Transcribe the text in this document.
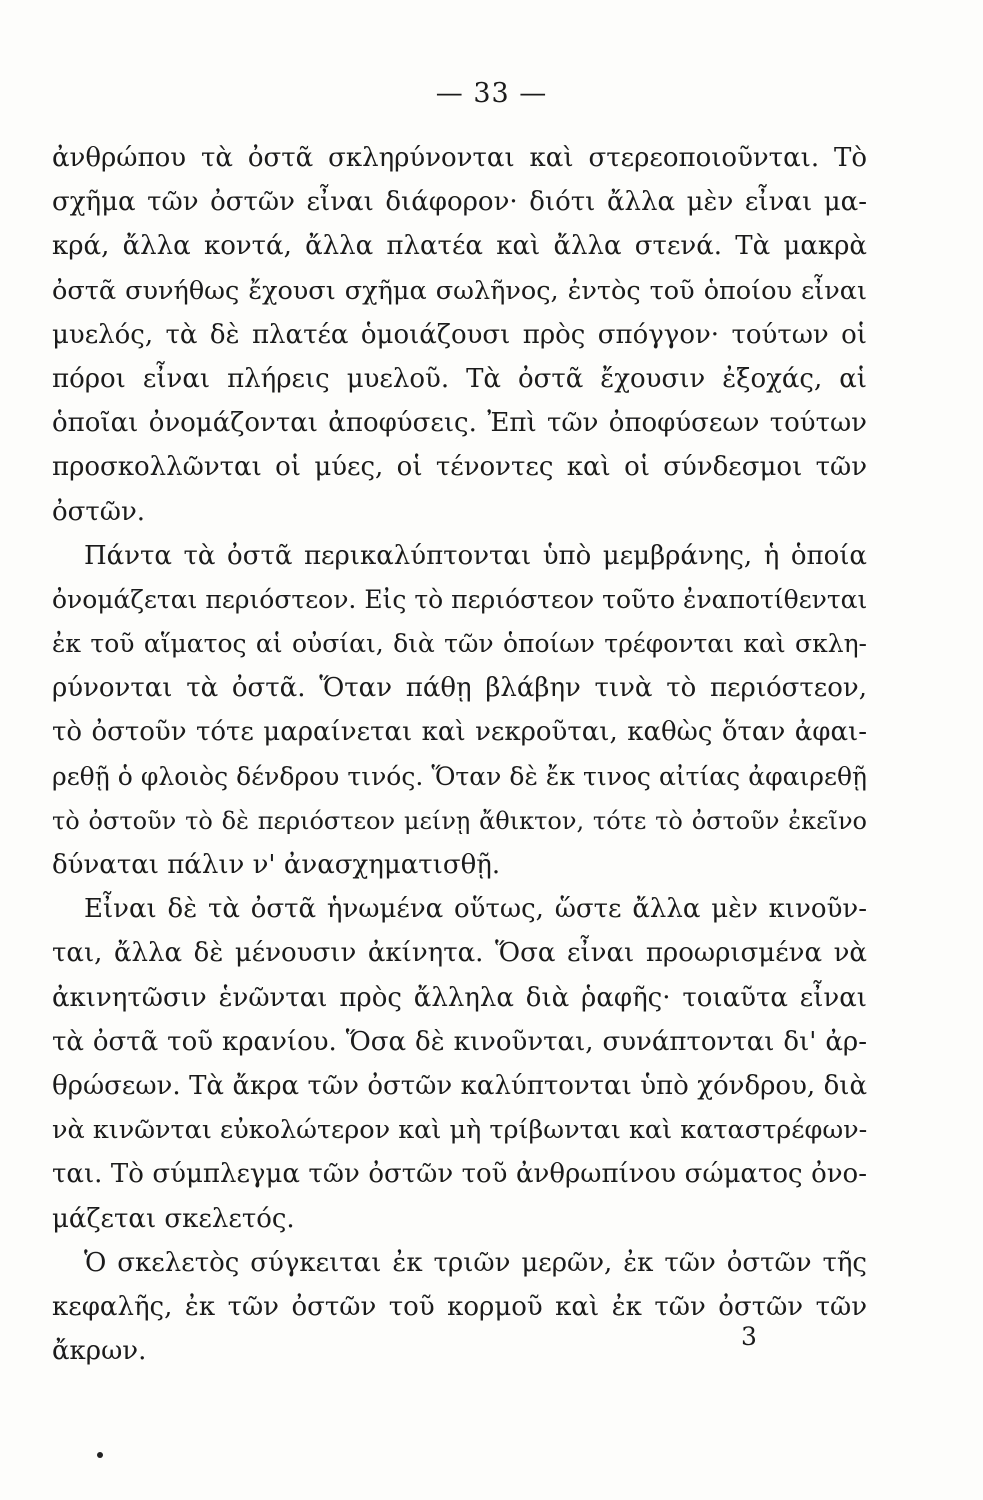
— 33 —
ἀνθρώπου τὰ ὀστᾶ σκληρύνονται καὶ στερεοποιοῦνται. Τὸ
σχῆμα τῶν ὀστῶν εἶναι διάφορον· διότι ἄλλα μὲν εἶναι μα-
κρά, ἄλλα κοντά, ἄλλα πλατέα καὶ ἄλλα στενά. Τὰ μακρὰ
ὀστᾶ συνήθως ἔχουσι σχῆμα σωλῆνος, ἐντὸς τοῦ ὁποίου εἶναι
μυελός, τὰ δὲ πλατέα ὁμοιάζουσι πρὸς σπόγγον· τούτων οἱ
πόροι εἶναι πλήρεις μυελοῦ. Τὰ ὀστᾶ ἔχουσιν ἐξοχάς, αἱ
ὁποῖαι ὀνομάζονται ἀποφύσεις. Ἐπὶ τῶν ὀποφύσεων τούτων
προσκολλῶνται οἱ μύες, οἱ τένοντες καὶ οἱ σύνδεσμοι τῶν
ὀστῶν.
Πάντα τὰ ὀστᾶ περικαλύπτονται ὑπὸ μεμβράνης, ἡ ὁποία
ὀνομάζεται περιόστεον. Εἰς τὸ περιόστεον τοῦτο ἐναποτίθενται
ἐκ τοῦ αἵματος αἱ οὐσίαι, διὰ τῶν ὁποίων τρέφονται καὶ σκλη-
ρύνονται τὰ ὀστᾶ. Ὅταν πάθῃ βλάβην τινὰ τὸ περιόστεον,
τὸ ὀστοῦν τότε μαραίνεται καὶ νεκροῦται, καθὼς ὅταν ἀφαι-
ρεθῇ ὁ φλοιὸς δένδρου τινός. Ὅταν δὲ ἔκ τινος αἰτίας ἀφαιρεθῇ
τὸ ὀστοῦν τὸ δὲ περιόστεον μείνῃ ἄθικτον, τότε τὸ ὀστοῦν ἐκεῖνο
δύναται πάλιν ν' ἀνασχηματισθῇ.
Εἶναι δὲ τὰ ὀστᾶ ἡνωμένα οὕτως, ὥστε ἄλλα μὲν κινοῦν-
ται, ἄλλα δὲ μένουσιν ἀκίνητα. Ὅσα εἶναι προωρισμένα νὰ
ἀκινητῶσιν ἑνῶνται πρὸς ἄλληλα διὰ ῥαφῆς· τοιαῦτα εἶναι
τὰ ὀστᾶ τοῦ κρανίου. Ὅσα δὲ κινοῦνται, συνάπτονται δι' ἀρ-
θρώσεων. Τὰ ἄκρα τῶν ὀστῶν καλύπτονται ὑπὸ χόνδρου, διὰ
νὰ κινῶνται εὐκολώτερον καὶ μὴ τρίβωνται καὶ καταστρέφων-
ται. Τὸ σύμπλεγμα τῶν ὀστῶν τοῦ ἀνθρωπίνου σώματος ὀνο-
μάζεται σκελετός.
Ὁ σκελετὸς σύγκειται ἐκ τριῶν μερῶν, ἐκ τῶν ὀστῶν τῆς
κεφαλῆς, ἐκ τῶν ὀστῶν τοῦ κορμοῦ καὶ ἐκ τῶν ὀστῶν τῶν
ἄκρων.	3
